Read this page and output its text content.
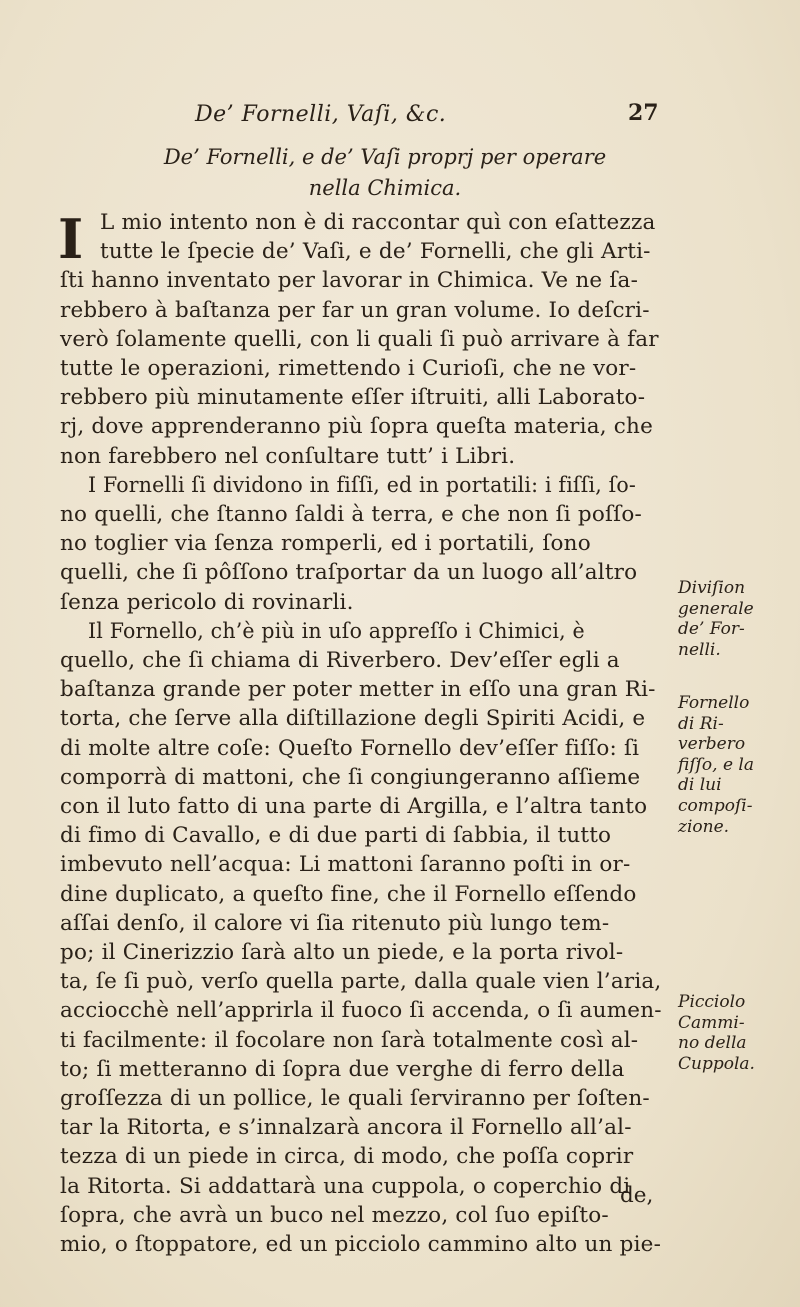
De’ Fornelli, Vaſi, &c.	27
De’ Fornelli, e de’ Vaſi proprj per operare
nella Chimica.
I L mio intento non è di raccontar quì con eſattezza
tutte le ſpecie de’ Vaſi, e de’ Fornelli, che gli Arti-
ſti hanno inventato per lavorar in Chimica. Ve ne ſa-
rebbero à baſtanza per far un gran volume. Io deſcri-
verò ſolamente quelli, con li quali ſi può arrivare à far
tutte le operazioni, rimettendo i Curioſi, che ne vor-
rebbero più minutamente eſſer iſtruiti, alli Laborato-
rj, dove apprenderanno più ſopra queſta materia, che
non farebbero nel conſultare tutt’ i Libri.
I Fornelli ſi dividono in fiſſi, ed in portatili: i fiſſi, ſo-
no quelli, che ſtanno ſaldi à terra, e che non ſi poſſo-
no toglier via ſenza romperli, ed i portatili, ſono
quelli, che ſi pôſſono traſportar da un luogo all’altro
ſenza pericolo di rovinarli.
Il Fornello, ch’è più in uſo appreſſo i Chimici, è
quello, che ſi chiama di Riverbero. Dev’eſſer egli a
baſtanza grande per poter metter in eſſo una gran Ri-
torta, che ſerve alla diſtillazione degli Spiriti Acidi, e
di molte altre coſe: Queſto Fornello dev’eſſer fiſſo: ſi
comporrà di mattoni, che ſi congiungeranno aſſieme
con il luto fatto di una parte di Argilla, e l’altra tanto
di fimo di Cavallo, e di due parti di ſabbia, il tutto
imbevuto nell’acqua: Li mattoni ſaranno poſti in or-
dine duplicato, a queſto fine, che il Fornello eſſendo
aſſai denſo, il calore vi ſia ritenuto più lungo tem-
po; il Cinerizzio ſarà alto un piede, e la porta rivol-
ta, ſe ſi può, verſo quella parte, dalla quale vien l’aria,
acciocchè nell’apprirla il fuoco ſi accenda, o ſi aumen-
ti facilmente: il focolare non ſarà totalmente così al-
to; ſi metteranno di ſopra due verghe di ferro della
groſſezza di un pollice, le quali ſerviranno per ſoſten-
tar la Ritorta, e s’innalzarà ancora il Fornello all’al-
tezza di un piede in circa, di modo, che poſſa coprir
la Ritorta. Si addattarà una cuppola, o coperchio di
ſopra, che avrà un buco nel mezzo, col ſuo epiſto-
mio, o ſtoppatore, ed un picciolo cammino alto un pie-
de,
Diviſion
generale
de’ For-
nelli.
Fornello
di Ri-
verbero
fiſſo, e la
di lui
compoſi-
zione.
Picciolo
Cammi-
no della
Cuppola.
